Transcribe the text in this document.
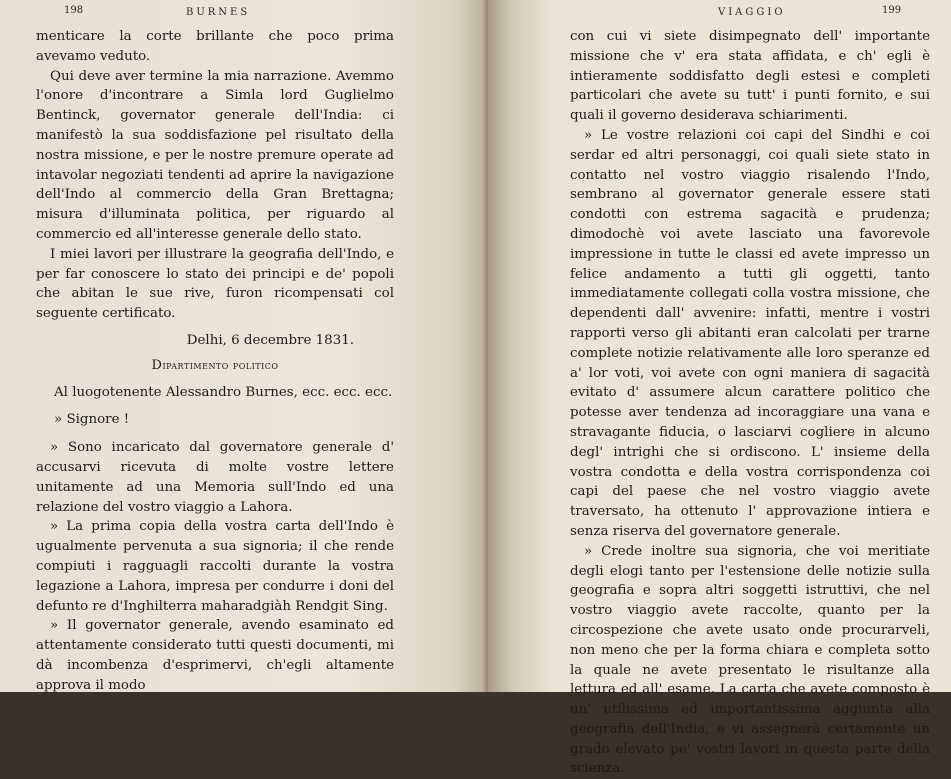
198	BURNES

menticare la corte brillante che poco prima avevamo veduto.

Qui deve aver termine la mia narrazione. Avemmo l'onore d'incontrare a Simla lord Guglielmo Bentinck, governator generale dell'India: ci manifestò la sua soddisfazione pel risultato della nostra missione, e per le nostre premure operate ad intavolar negoziati tendenti ad aprire la navigazione dell'Indo al commercio della Gran Brettagna; misura d'illuminata politica, per riguardo al commercio ed all'interesse generale dello stato.

I miei lavori per illustrare la geografia dell'Indo, e per far conoscere lo stato dei principi e de' popoli che abitan le sue rive, furon ricompensati col seguente certificato.

Delhi, 6 decembre 1831.

Dipartimento politico

Al luogotenente Alessandro Burnes, ecc. ecc. ecc.

» Signore !

» Sono incaricato dal governatore generale d' accusarvi ricevuta di molte vostre lettere unitamente ad una Memoria sull'Indo ed una relazione del vostro viaggio a Lahora.

» La prima copia della vostra carta dell'Indo è ugualmente pervenuta a sua signoria; il che rende compiuti i ragguagli raccolti durante la vostra legazione a Lahora, impresa per condurre i doni del defunto re d'Inghilterra maharadgiàh Rendgit Sing.

» Il governator generale, avendo esaminato ed attentamente considerato tutti questi documenti, mi dà incombenza d'esprimervi, ch'egli altamente approva il modo

VIAGGIO	199

con cui vi siete disimpegnato dell' importante missione che v' era stata affidata, e ch' egli è intieramente soddisfatto degli estesi e completi particolari che avete su tutt' i punti fornito, e sui quali il governo desiderava schiarimenti.

» Le vostre relazioni coi capi del Sindhi e coi serdar ed altri personaggi, coi quali siete stato in contatto nel vostro viaggio risalendo l'Indo, sembrano al governator generale essere stati condotti con estrema sagacità e prudenza; dimodochè voi avete lasciato una favorevole impressione in tutte le classi ed avete impresso un felice andamento a tutti gli oggetti, tanto immediatamente collegati colla vostra missione, che dependenti dall' avvenire: infatti, mentre i vostri rapporti verso gli abitanti eran calcolati per trarne complete notizie relativamente alle loro speranze ed a' lor voti, voi avete con ogni maniera di sagacità evitato d' assumere alcun carattere politico che potesse aver tendenza ad incoraggiare una vana e stravagante fiducia, o lasciarvi cogliere in alcuno degl' intrighi che si ordiscono. L' insieme della vostra condotta e della vostra corrispondenza coi capi del paese che nel vostro viaggio avete traversato, ha ottenuto l' approvazione intiera e senza riserva del governatore generale.

» Crede inoltre sua signoria, che voi meritiate degli elogi tanto per l'estensione delle notizie sulla geografia e sopra altri soggetti istruttivi, che nel vostro viaggio avete raccolte, quanto per la circospezione che avete usato onde procurarveli, non meno che per la forma chiara e completa sotto la quale ne avete presentato le risultanze alla lettura ed all' esame. La carta che avete composto è un' utilissima ed importantissima aggiunta alla geografia dell'India, e vi assegnerà certamente un grado elevato pe' vostri lavori in questa parte della scienza.
